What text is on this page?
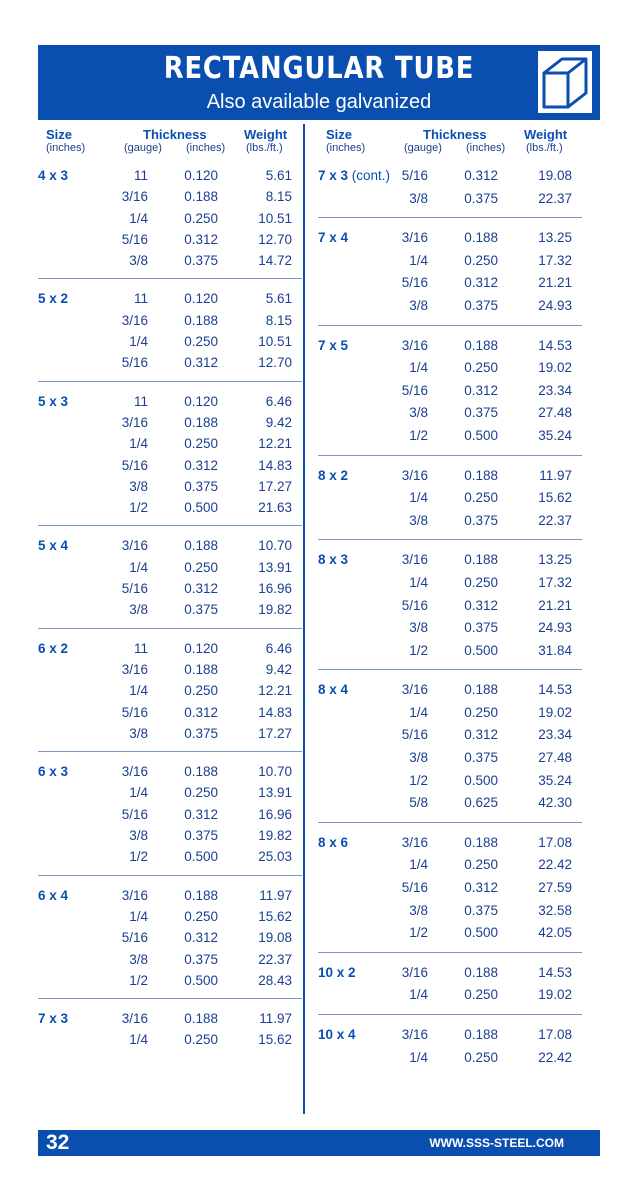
RECTANGULAR TUBE
Also available galvanized
Size
(inches)
Thickness
(gauge) (inches)
Weight
(lbs./ft.)
4 x 3	11	0.120	5.61
3/16	0.188	8.15
1/4	0.250	10.51
5/16	0.312	12.70
3/8	0.375	14.72
5 x 2	11	0.120	5.61
3/16	0.188	8.15
1/4	0.250	10.51
5/16	0.312	12.70
5 x 3	11	0.120	6.46
3/16	0.188	9.42
1/4	0.250	12.21
5/16	0.312	14.83
3/8	0.375	17.27
1/2	0.500	21.63
5 x 4	3/16	0.188	10.70
1/4	0.250	13.91
5/16	0.312	16.96
3/8	0.375	19.82
6 x 2	11	0.120	6.46
3/16	0.188	9.42
1/4	0.250	12.21
5/16	0.312	14.83
3/8	0.375	17.27
6 x 3	3/16	0.188	10.70
1/4	0.250	13.91
5/16	0.312	16.96
3/8	0.375	19.82
1/2	0.500	25.03
6 x 4	3/16	0.188	11.97
1/4	0.250	15.62
5/16	0.312	19.08
3/8	0.375	22.37
1/2	0.500	28.43
7 x 3	3/16	0.188	11.97
1/4	0.250	15.62
Size
(inches)
Thickness
(gauge) (inches)
Weight
(lbs./ft.)
7 x 3 (cont.) 5/16	0.312	19.08
3/8	0.375	22.37
7 x 4	3/16	0.188	13.25
1/4	0.250	17.32
5/16	0.312	21.21
3/8	0.375	24.93
7 x 5	3/16	0.188	14.53
1/4	0.250	19.02
5/16	0.312	23.34
3/8	0.375	27.48
1/2	0.500	35.24
8 x 2	3/16	0.188	11.97
1/4	0.250	15.62
3/8	0.375	22.37
8 x 3	3/16	0.188	13.25
1/4	0.250	17.32
5/16	0.312	21.21
3/8	0.375	24.93
1/2	0.500	31.84
8 x 4	3/16	0.188	14.53
1/4	0.250	19.02
5/16	0.312	23.34
3/8	0.375	27.48
1/2	0.500	35.24
5/8	0.625	42.30
8 x 6	3/16	0.188	17.08
1/4	0.250	22.42
5/16	0.312	27.59
3/8	0.375	32.58
1/2	0.500	42.05
10 x 2	3/16	0.188	14.53
1/4	0.250	19.02
10 x 4	3/16	0.188	17.08
1/4	0.250	22.42
32	WWW.SSS-STEEL.COM
